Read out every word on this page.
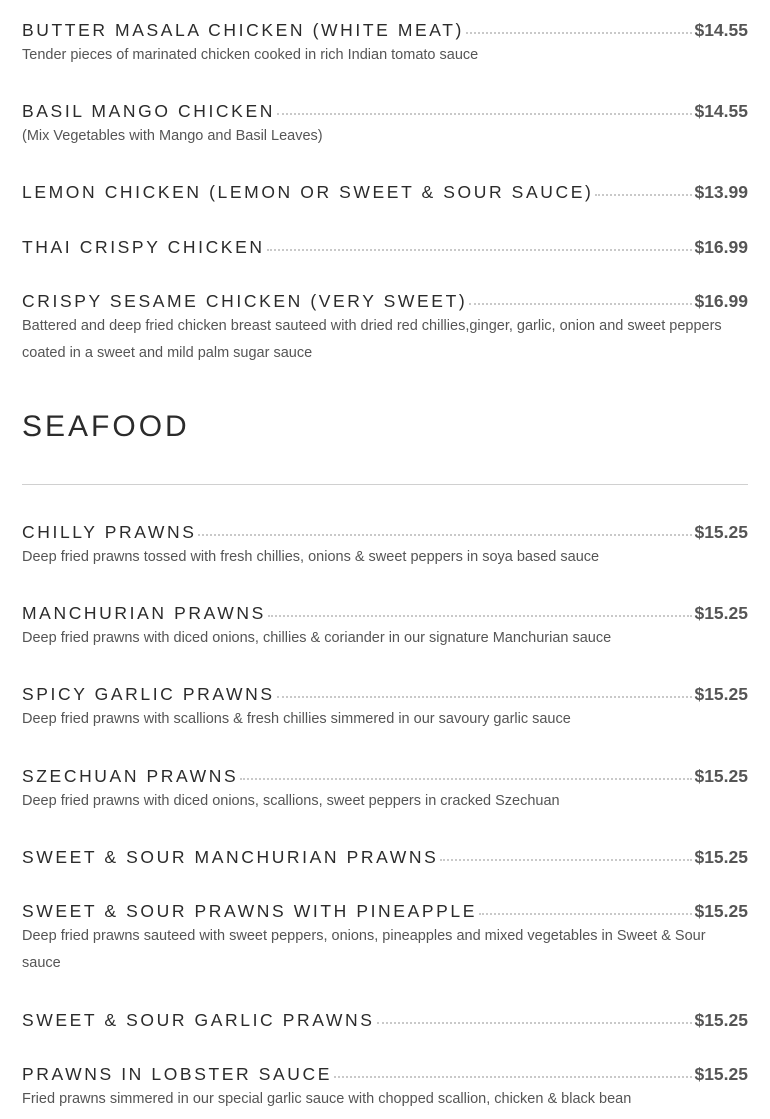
BUTTER MASALA CHICKEN (WHITE MEAT)	$14.55
Tender pieces of marinated chicken cooked in rich Indian tomato sauce
BASIL MANGO CHICKEN	$14.55
(Mix Vegetables with Mango and Basil Leaves)
LEMON CHICKEN (LEMON OR SWEET & SOUR SAUCE)	$13.99
THAI CRISPY CHICKEN	$16.99
CRISPY SESAME CHICKEN (VERY SWEET)	$16.99
Battered and deep fried chicken breast sauteed with dried red chillies,ginger, garlic, onion and sweet peppers coated in a sweet and mild palm sugar sauce
SEAFOOD
CHILLY PRAWNS	$15.25
Deep fried prawns tossed with fresh chillies, onions & sweet peppers in soya based sauce
MANCHURIAN PRAWNS	$15.25
Deep fried prawns with diced onions, chillies & coriander in our signature Manchurian sauce
SPICY GARLIC PRAWNS	$15.25
Deep fried prawns with scallions & fresh chillies simmered in our savoury garlic sauce
SZECHUAN PRAWNS	$15.25
Deep fried prawns with diced onions, scallions, sweet peppers in cracked Szechuan
SWEET & SOUR MANCHURIAN PRAWNS	$15.25
SWEET & SOUR PRAWNS WITH PINEAPPLE	$15.25
Deep fried prawns sauteed with sweet peppers, onions, pineapples and mixed vegetables in Sweet & Sour sauce
SWEET & SOUR GARLIC PRAWNS	$15.25
PRAWNS IN LOBSTER SAUCE	$15.25
Fried prawns simmered in our special garlic sauce with chopped scallion, chicken & black bean
